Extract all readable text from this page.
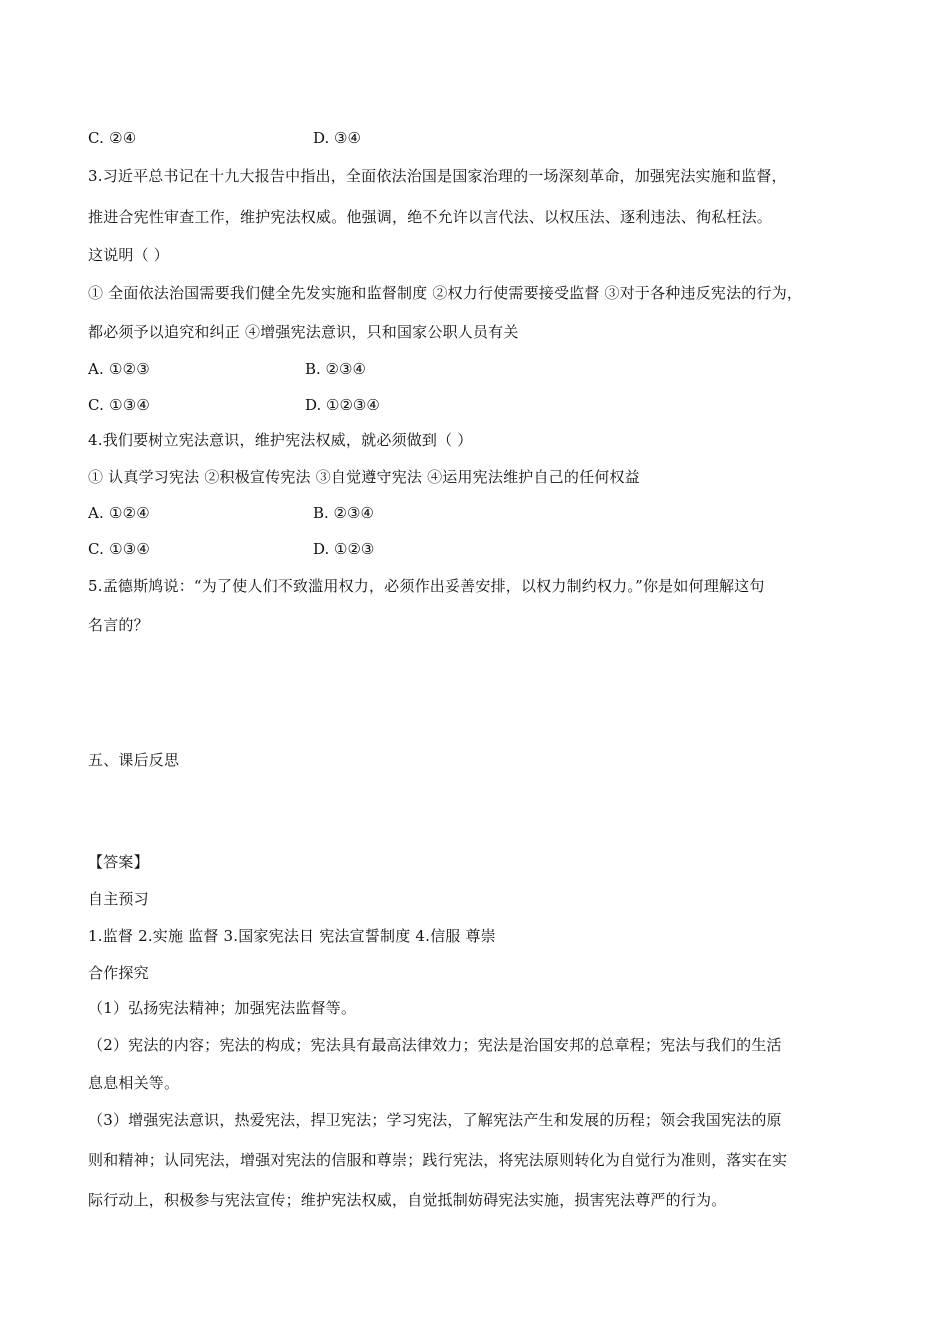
C. ②④	D. ③④
3.习近平总书记在十九大报告中指出，全面依法治国是国家治理的一场深刻革命，加强宪法实施和监督，
推进合宪性审查工作，维护宪法权威。他强调，绝不允许以言代法、以权压法、逐利违法、徇私枉法。
这说明（ ）
① 全面依法治国需要我们健全先发实施和监督制度 ②权力行使需要接受监督 ③对于各种违反宪法的行为，
都必须予以追究和纠正 ④增强宪法意识，只和国家公职人员有关
A. ①②③	B. ②③④
C. ①③④	D. ①②③④
4.我们要树立宪法意识，维护宪法权威，就必须做到（ ）
① 认真学习宪法 ②积极宣传宪法 ③自觉遵守宪法 ④运用宪法维护自己的任何权益
A. ①②④	B. ②③④
C. ①③④	D. ①②③
5.孟德斯鸠说：“为了使人们不致滥用权力，必须作出妥善安排，以权力制约权力。”你是如何理解这句
名言的？
五、课后反思
【答案】
自主预习
1.监督 2.实施 监督 3.国家宪法日 宪法宣誓制度 4.信服 尊崇
合作探究
（1）弘扬宪法精神；加强宪法监督等。
（2）宪法的内容；宪法的构成；宪法具有最高法律效力；宪法是治国安邦的总章程；宪法与我们的生活
息息相关等。
（3）增强宪法意识，热爱宪法，捍卫宪法；学习宪法，了解宪法产生和发展的历程；领会我国宪法的原
则和精神；认同宪法，增强对宪法的信服和尊崇；践行宪法，将宪法原则转化为自觉行为准则，落实在实
际行动上，积极参与宪法宣传；维护宪法权威，自觉抵制妨碍宪法实施，损害宪法尊严的行为。
